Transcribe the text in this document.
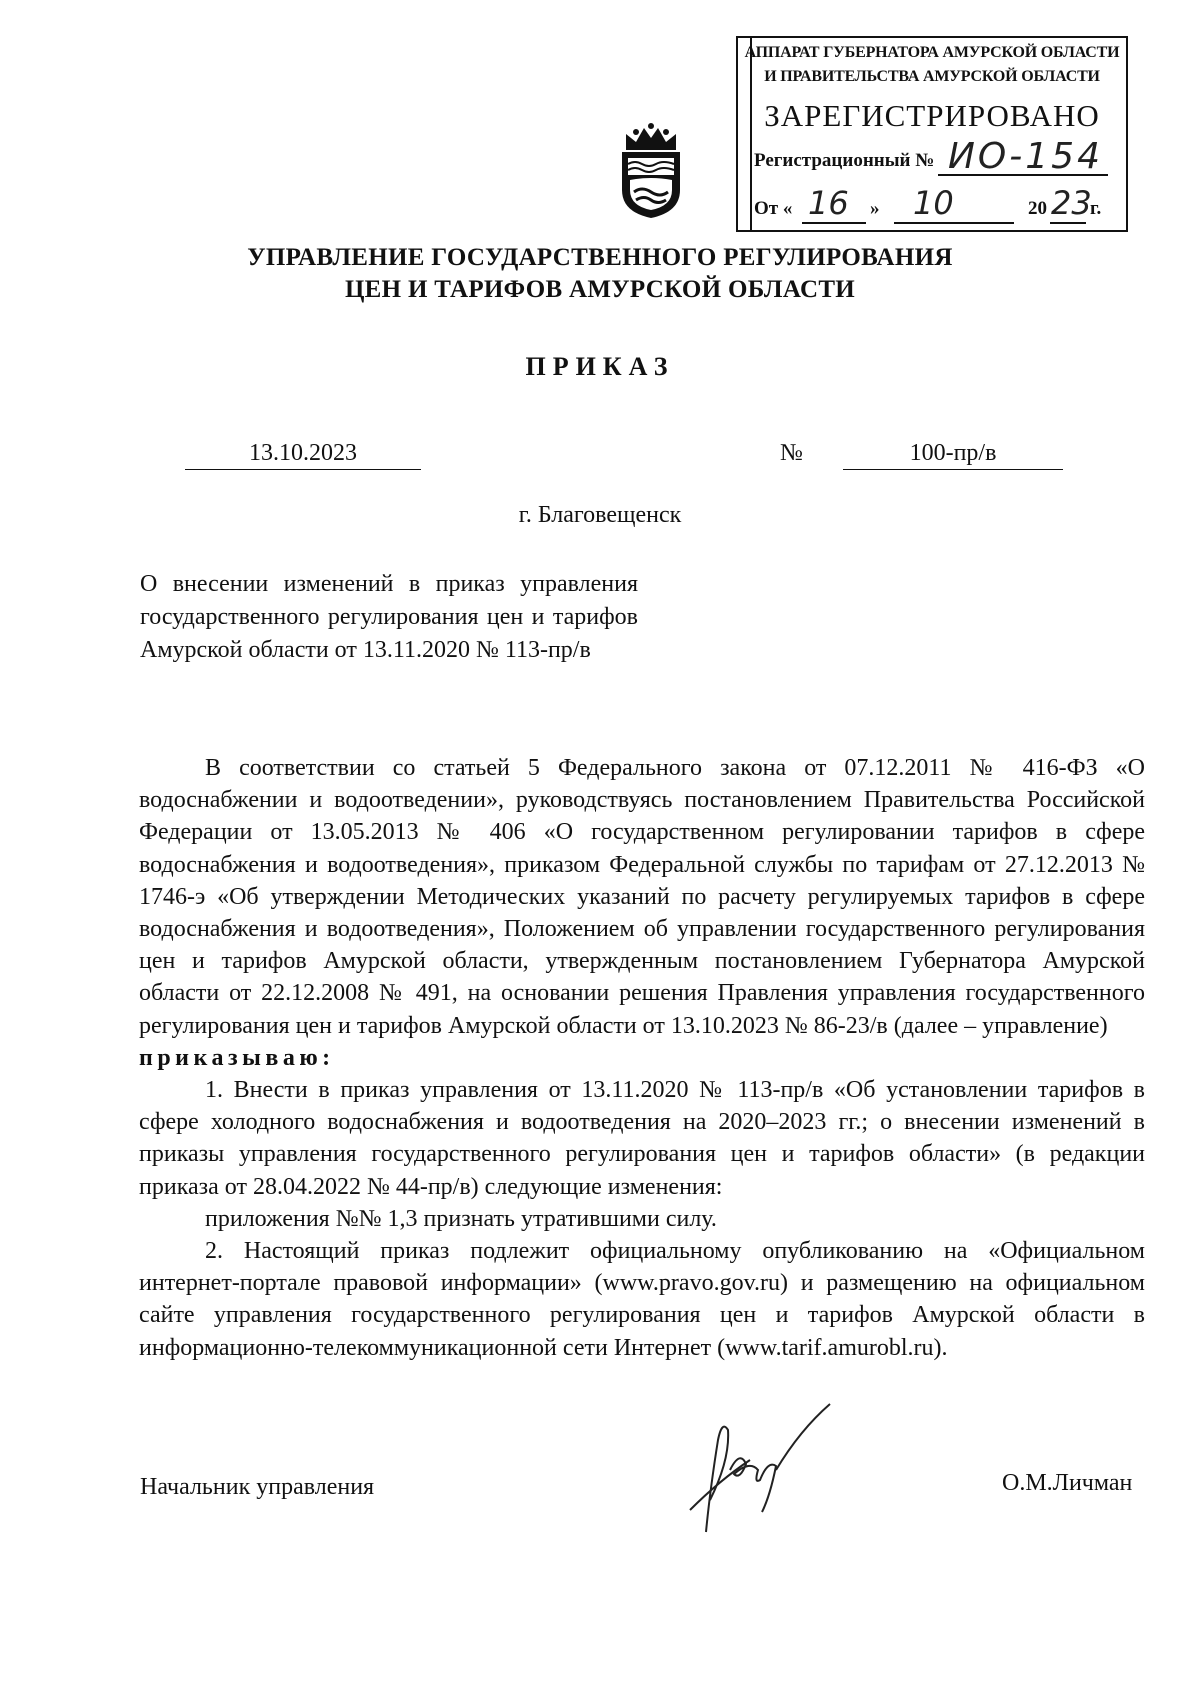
АППАРАТ ГУБЕРНАТОРА АМУРСКОЙ ОБЛАСТИ
И ПРАВИТЕЛЬСТВА АМУРСКОЙ ОБЛАСТИ
ЗАРЕГИСТРИРОВАНО
Регистрационный № ИО-154
От « 16 » 10	20 23
г.
УПРАВЛЕНИЕ ГОСУДАРСТВЕННОГО РЕГУЛИРОВАНИЯ
ЦЕН И ТАРИФОВ АМУРСКОЙ ОБЛАСТИ
ПРИКАЗ
13.10.2023	№	100-пр/в
г. Благовещенск

О внесении изменений в приказ управления государственного регулирования цен и тарифов Амурской области от 13.11.2020 № 113-пр/в

В соответствии со статьей 5 Федерального закона от 07.12.2011 № 416-ФЗ «О водоснабжении и водоотведении», руководствуясь постановлением Правительства Российской Федерации от 13.05.2013 № 406 «О государственном регулировании тарифов в сфере водоснабжения и водоотведения», приказом Федеральной службы по тарифам от 27.12.2013 № 1746-э «Об утверждении Методических указаний по расчету регулируемых тарифов в сфере водоснабжения и водоотведения», Положением об управлении государственного регулирования цен и тарифов Амурской области, утвержденным постановлением Губернатора Амурской области от 22.12.2008 № 491, на основании решения Правления управления государственного регулирования цен и тарифов Амурской области от 13.10.2023 № 86-23/в (далее – управление)

приказываю:

1. Внести в приказ управления от 13.11.2020 № 113-пр/в «Об установлении тарифов в сфере холодного водоснабжения и водоотведения на 2020–2023 гг.; о внесении изменений в приказы управления государственного регулирования цен и тарифов области» (в редакции приказа от 28.04.2022 № 44-пр/в) следующие изменения:

приложения №№ 1,3 признать утратившими силу.

2. Настоящий приказ подлежит официальному опубликованию на «Официальном интернет-портале правовой информации» (www.pravo.gov.ru) и размещению на официальном сайте управления государственного регулирования цен и тарифов Амурской области в информационно-телекоммуникационной сети Интернет (www.tarif.amurobl.ru).

Начальник управления	О.М.Личман
